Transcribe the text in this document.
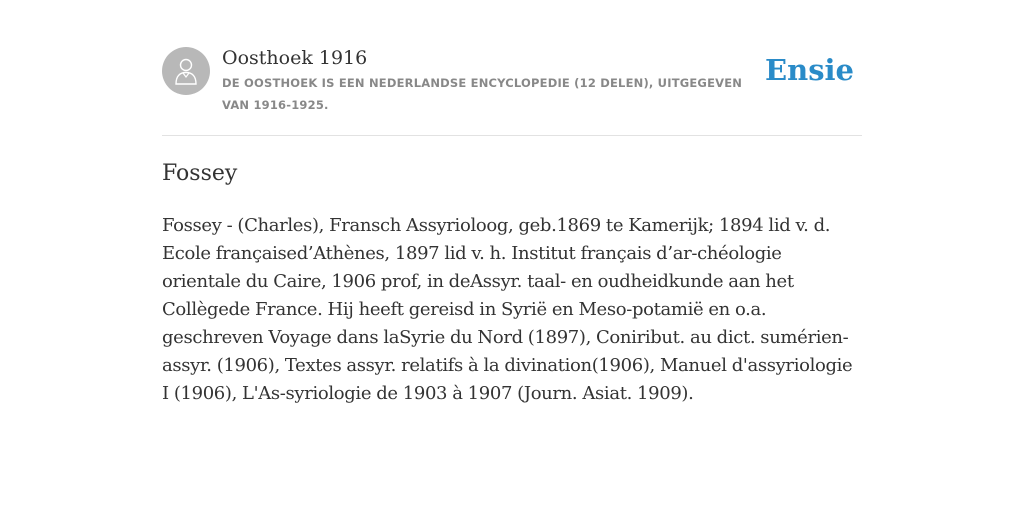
Oosthoek 1916
DE OOSTHOEK IS EEN NEDERLANDSE ENCYCLOPEDIE (12 DELEN), UITGEGEVEN VAN 1916-1925.
Ensie
Fossey

Fossey - (Charles), Fransch Assyrioloog, geb.1869 te Kamerijk; 1894 lid v. d. Ecole françaised’Athènes, 1897 lid v. h. Institut français d’ar-chéologie orientale du Caire, 1906 prof, in deAssyr. taal- en oudheidkunde aan het Collègede France. Hij heeft gereisd in Syrië en Meso-potamië en o.a. geschreven Voyage dans laSyrie du Nord (1897), Coniribut. au dict. sumérien-assyr. (1906), Textes assyr. relatifs à la divination(1906), Manuel d'assyriologie I (1906), L'As-syriologie de 1903 à 1907 (Journ. Asiat. 1909).
